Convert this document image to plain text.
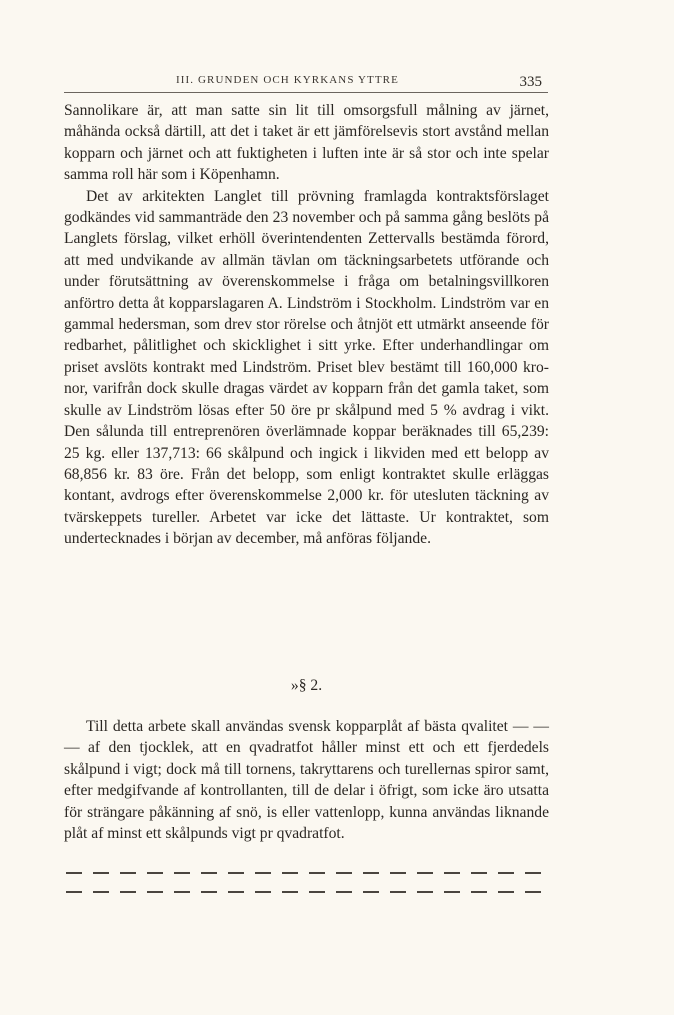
III. GRUNDEN OCH KYRKANS YTTRE	335

Sannolikare är, att man satte sin lit till omsorgsfull målning av järnet, måhända också därtill, att det i taket är ett jämförelsevis stort avstånd mellan kopparn och järnet och att fuktigheten i luften inte är så stor och inte spelar samma roll här som i Köpenhamn.

Det av arkitekten Langlet till prövning framlagda kontraktsförslaget godkändes vid sammanträde den 23 november och på samma gång beslöts på Langlets förslag, vilket erhöll överintendenten Zettervalls bestämda förord, att med undvikande av allmän tävlan om täckningsarbetets utförande och under förutsättning av överenskommelse i fråga om betalningsvillkoren anförtro detta åt kopparslagaren A. Lindström i Stockholm. Lindström var en gammal hedersman, som drev stor rörelse och åtnjöt ett utmärkt anseende för redbarhet, pålitlighet och skicklighet i sitt yrke. Efter underhandlingar om priset avslöts kontrakt med Lindström. Priset blev bestämt till 160,000 kronor, varifrån dock skulle dragas värdet av kopparn från det gamla taket, som skulle av Lindström lösas efter 50 öre pr skålpund med 5 % avdrag i vikt. Den sålunda till entreprenören överlämnade koppar beräknades till 65,239: 25 kg. eller 137,713: 66 skålpund och ingick i likviden med ett belopp av 68,856 kr. 83 öre. Från det belopp, som enligt kontraktet skulle erläggas kontant, avdrogs efter överenskommelse 2,000 kr. för utesluten täckning av tvärskeppets tureller. Arbetet var icke det lättaste. Ur kontraktet, som undertecknades i början av december, må anföras följande.

»§ 2.

Till detta arbete skall användas svensk kopparplåt af bästa qvalitet — — — af den tjocklek, att en qvadratfot håller minst ett och ett fjerdedels skålpund i vigt; dock må till tornens, takryttarens och turellernas spiror samt, efter medgifvande af kontrollanten, till de delar i öfrigt, som icke äro utsatta för strängare påkänning af snö, is eller vattenlopp, kunna användas liknande plåt af minst ett skålpunds vigt pr qvadratfot.
